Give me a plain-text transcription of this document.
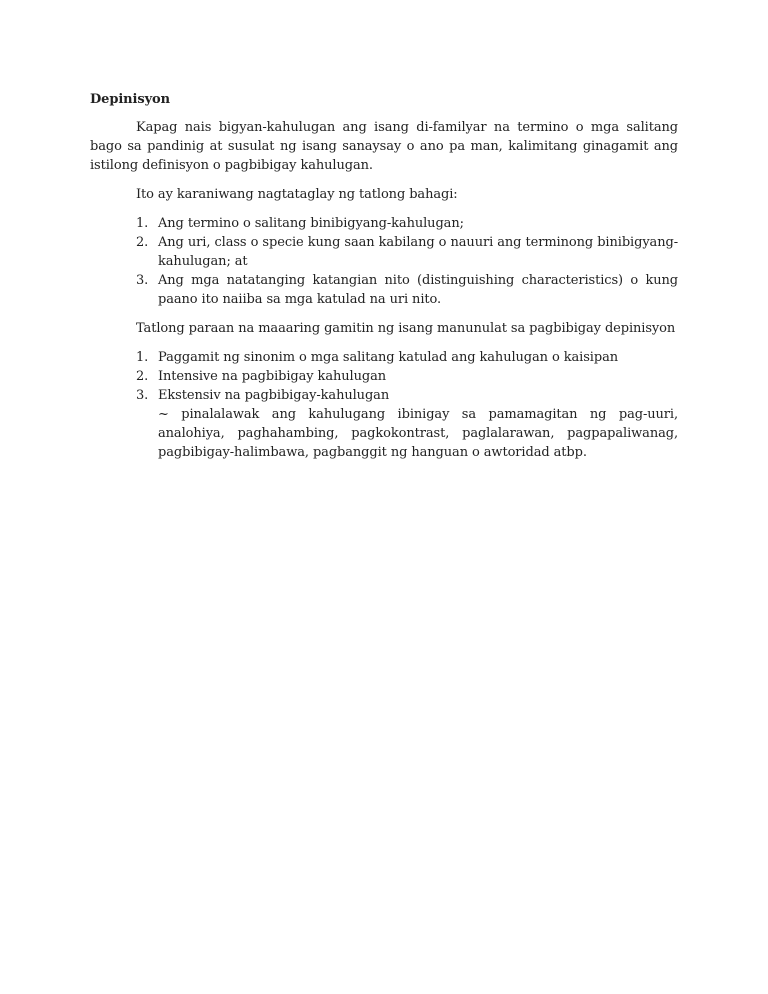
Depinisyon

Kapag nais bigyan-kahulugan ang isang di-familyar na termino o mga salitang bago sa pandinig at susulat ng isang sanaysay o ano pa man, kalimitang ginagamit ang istilong definisyon o pagbibigay kahulugan.

Ito ay karaniwang nagtataglay ng tatlong bahagi:

1. Ang termino o salitang binibigyang-kahulugan;
2. Ang uri, class o specie kung saan kabilang o nauuri ang terminong binibigyang-kahulugan; at
3. Ang mga natatanging katangian nito (distinguishing characteristics) o kung paano ito naiiba sa mga katulad na uri nito.

Tatlong paraan na maaaring gamitin ng isang manunulat sa pagbibigay depinisyon

1. Paggamit ng sinonim o mga salitang katulad ang kahulugan o kaisipan
2. Intensive na pagbibigay kahulugan
3. Ekstensiv na pagbibigay-kahulugan
~ pinalalawak ang kahulugang ibinigay sa pamamagitan ng pag-uuri, analohiya, paghahambing, pagkokontrast, paglalarawan, pagpapaliwanag, pagbibigay-halimbawa, pagbanggit ng hanguan o awtoridad atbp.
